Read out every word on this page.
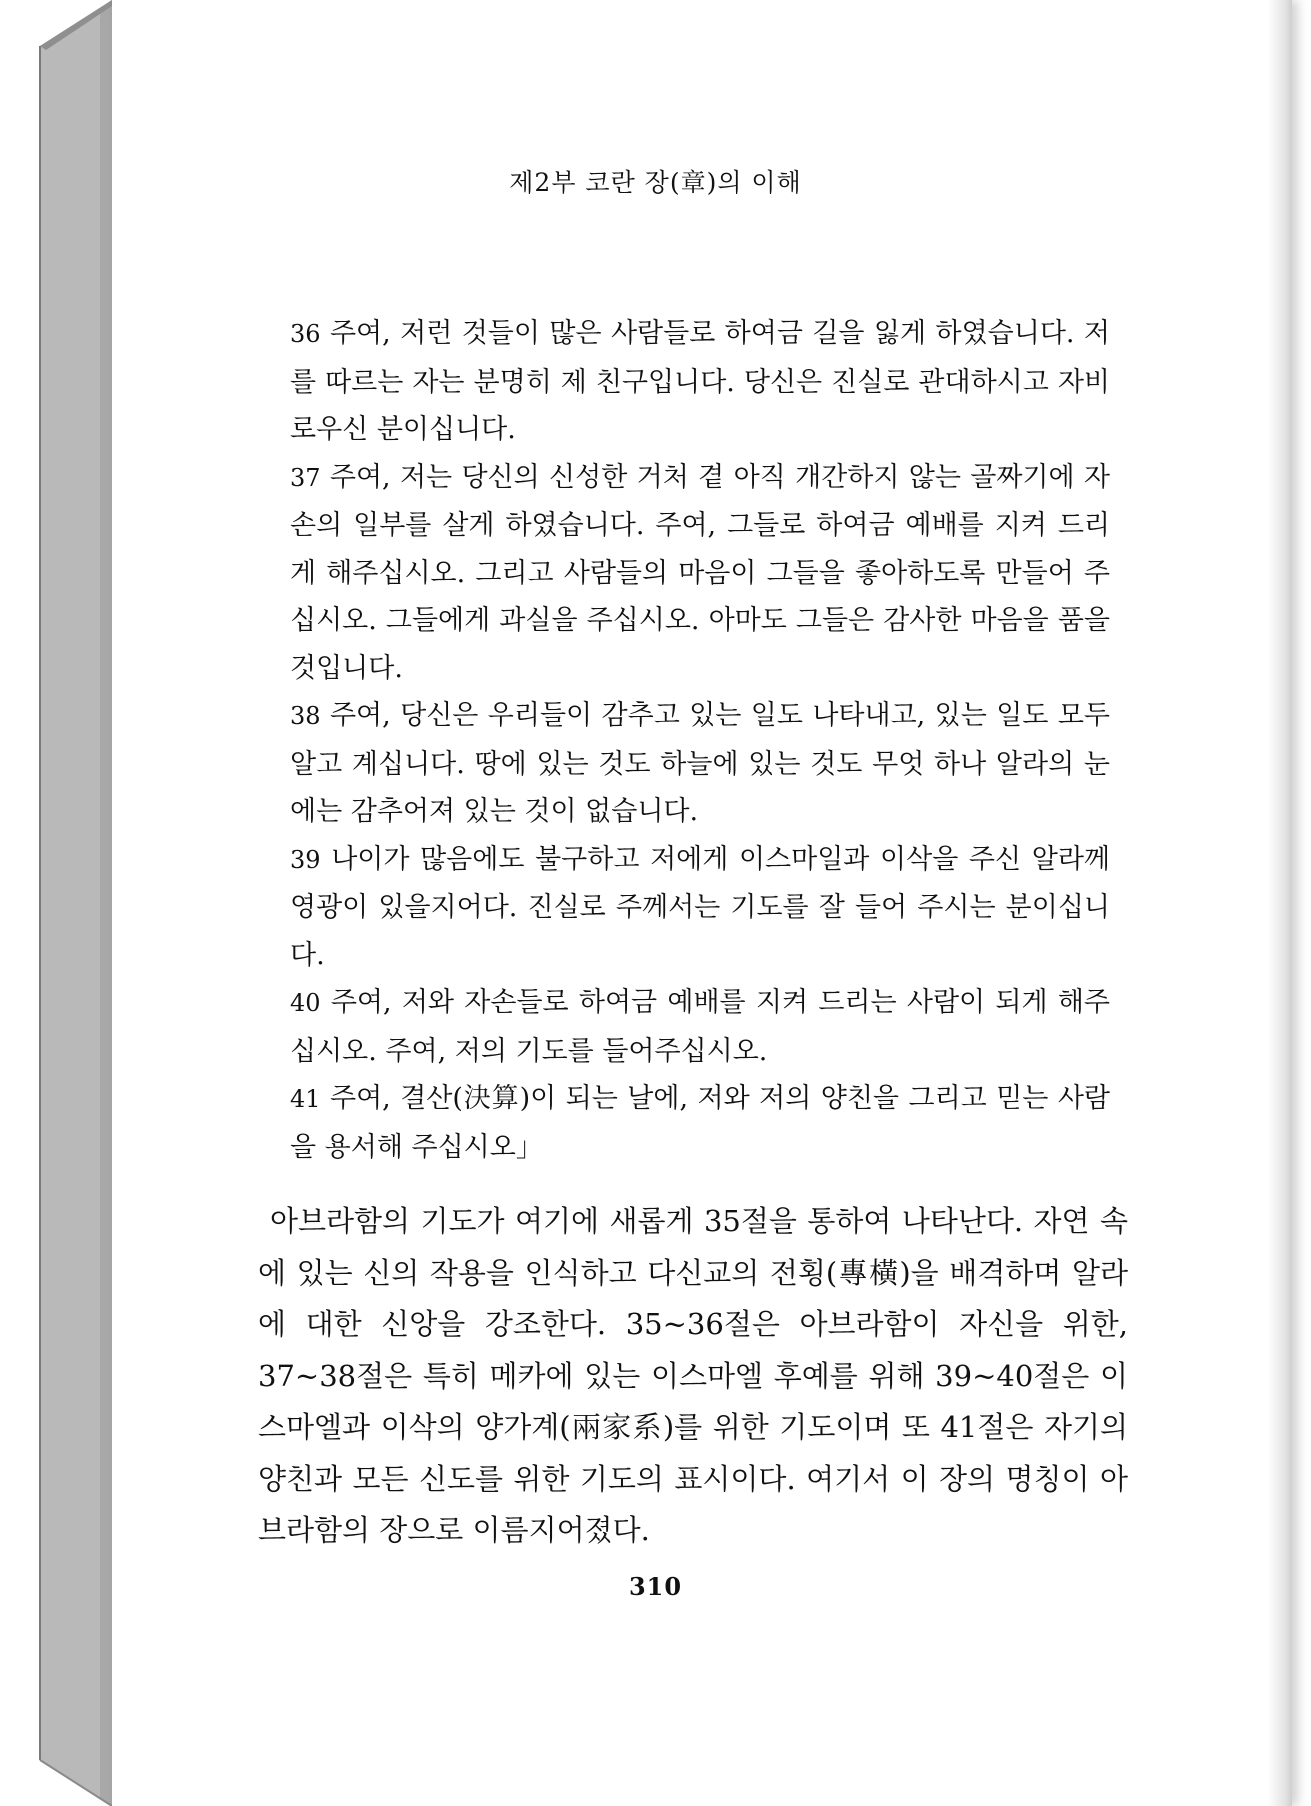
제2부 코란 장(章)의 이해

36 주여, 저런 것들이 많은 사람들로 하여금 길을 잃게 하였습니다. 저를 따르는 자는 분명히 제 친구입니다. 당신은 진실로 관대하시고 자비로우신 분이십니다.

37 주여, 저는 당신의 신성한 거처 곁 아직 개간하지 않는 골짜기에 자손의 일부를 살게 하였습니다. 주여, 그들로 하여금 예배를 지켜 드리게 해주십시오. 그리고 사람들의 마음이 그들을 좋아하도록 만들어 주십시오. 그들에게 과실을 주십시오. 아마도 그들은 감사한 마음을 품을 것입니다.

38 주여, 당신은 우리들이 감추고 있는 일도 나타내고, 있는 일도 모두 알고 계십니다. 땅에 있는 것도 하늘에 있는 것도 무엇 하나 알라의 눈에는 감추어져 있는 것이 없습니다.

39 나이가 많음에도 불구하고 저에게 이스마일과 이삭을 주신 알라께 영광이 있을지어다. 진실로 주께서는 기도를 잘 들어 주시는 분이십니다.

40 주여, 저와 자손들로 하여금 예배를 지켜 드리는 사람이 되게 해주십시오. 주여, 저의 기도를 들어주십시오.

41 주여, 결산(決算)이 되는 날에, 저와 저의 양친을 그리고 믿는 사람을 용서해 주십시오」

아브라함의 기도가 여기에 새롭게 35절을 통하여 나타난다. 자연 속에 있는 신의 작용을 인식하고 다신교의 전횡(專橫)을 배격하며 알라에 대한 신앙을 강조한다. 35~36절은 아브라함이 자신을 위한, 37~38절은 특히 메카에 있는 이스마엘 후예를 위해 39~40절은 이스마엘과 이삭의 양가계(兩家系)를 위한 기도이며 또 41절은 자기의 양친과 모든 신도를 위한 기도의 표시이다. 여기서 이 장의 명칭이 아브라함의 장으로 이름지어졌다.

310
